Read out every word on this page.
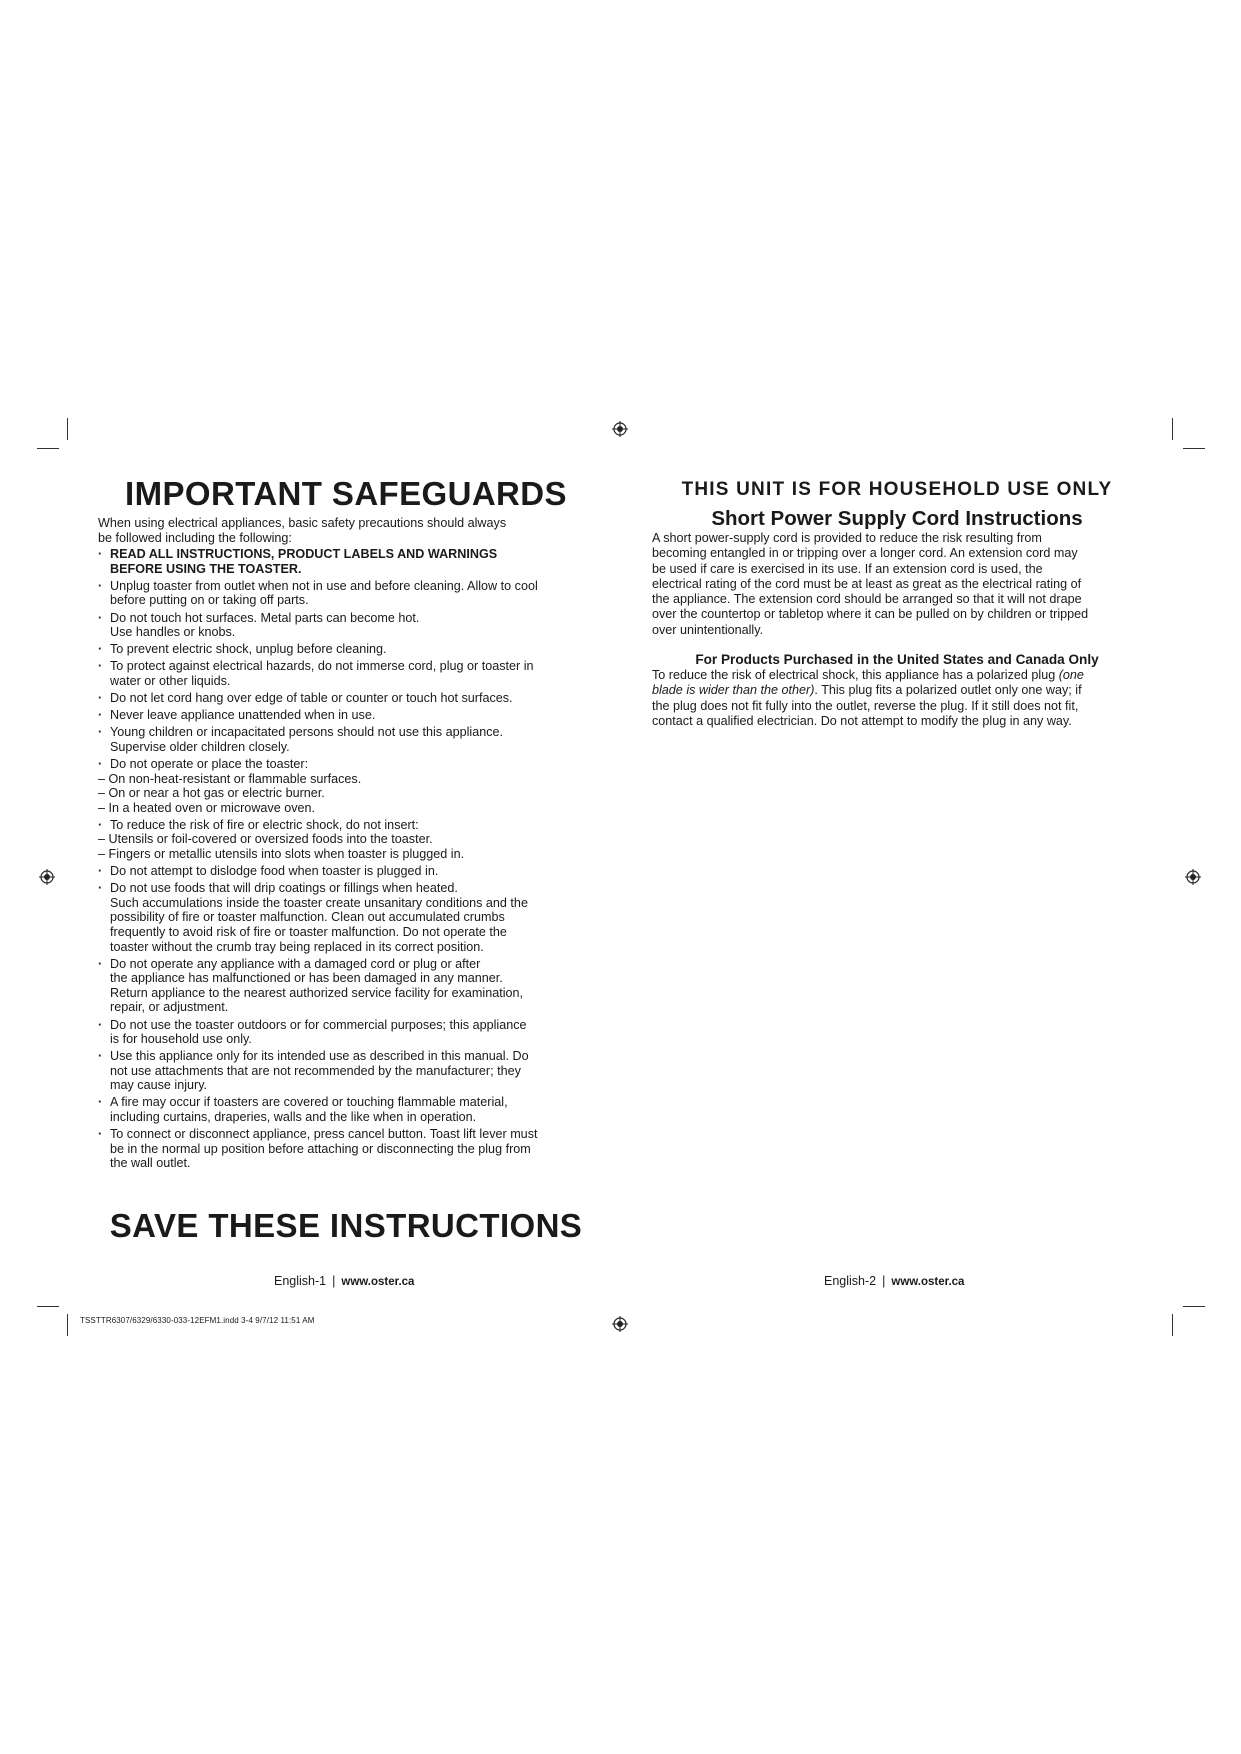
IMPORTANT SAFEGUARDS

When using electrical appliances, basic safety precautions should always
be followed including the following:

· READ ALL INSTRUCTIONS, PRODUCT LABELS AND WARNINGS
BEFORE USING THE TOASTER.
· Unplug toaster from outlet when not in use and before cleaning. Allow to cool
before putting on or taking off parts.
· Do not touch hot surfaces. Metal parts can become hot.
Use handles or knobs.
· To prevent electric shock, unplug before cleaning.
· To protect against electrical hazards, do not immerse cord, plug or toaster in
water or other liquids.
· Do not let cord hang over edge of table or counter or touch hot surfaces.
· Never leave appliance unattended when in use.
· Young children or incapacitated persons should not use this appliance.
Supervise older children closely.
· Do not operate or place the toaster:
– On non-heat-resistant or flammable surfaces.
– On or near a hot gas or electric burner.
– In a heated oven or microwave oven.
· To reduce the risk of fire or electric shock, do not insert:
– Utensils or foil-covered or oversized foods into the toaster.
– Fingers or metallic utensils into slots when toaster is plugged in.
· Do not attempt to dislodge food when toaster is plugged in.
· Do not use foods that will drip coatings or fillings when heated.
Such accumulations inside the toaster create unsanitary conditions and the
possibility of fire or toaster malfunction. Clean out accumulated crumbs
frequently to avoid risk of fire or toaster malfunction. Do not operate the
toaster without the crumb tray being replaced in its correct position.
· Do not operate any appliance with a damaged cord or plug or after
the appliance has malfunctioned or has been damaged in any manner.
Return appliance to the nearest authorized service facility for examination,
repair, or adjustment.
· Do not use the toaster outdoors or for commercial purposes; this appliance
is for household use only.
· Use this appliance only for its intended use as described in this manual. Do
not use attachments that are not recommended by the manufacturer; they
may cause injury.
· A fire may occur if toasters are covered or touching flammable material,
including curtains, draperies, walls and the like when in operation.
· To connect or disconnect appliance, press cancel button. Toast lift lever must
be in the normal up position before attaching or disconnecting the plug from
the wall outlet.
SAVE THESE INSTRUCTIONS
English-1 | www.oster.ca
THIS UNIT IS FOR HOUSEHOLD USE ONLY
Short Power Supply Cord Instructions

A short power-supply cord is provided to reduce the risk resulting from
becoming entangled in or tripping over a longer cord. An extension cord may
be used if care is exercised in its use. If an extension cord is used, the
electrical rating of the cord must be at least as great as the electrical rating of
the appliance. The extension cord should be arranged so that it will not drape
over the countertop or tabletop where it can be pulled on by children or tripped
over unintentionally.

For Products Purchased in the United States and Canada Only

To reduce the risk of electrical shock, this appliance has a polarized plug (one
blade is wider than the other). This plug fits a polarized outlet only one way; if
the plug does not fit fully into the outlet, reverse the plug. If it still does not fit,
contact a qualified electrician. Do not attempt to modify the plug in any way.

English-2 | www.oster.ca
TSSTTR6307/6329/6330-033-12EFM1.indd 3-4 9/7/12 11:51 AM
